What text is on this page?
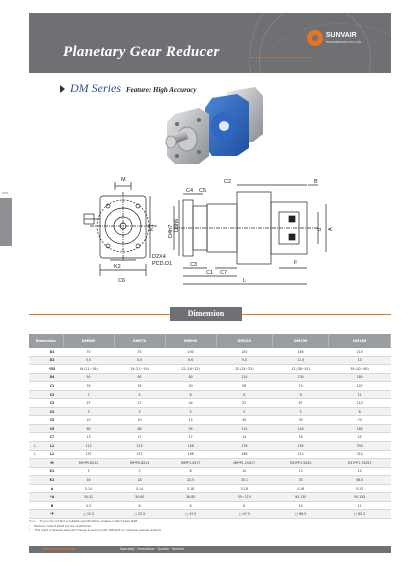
Planetary Gear Reducer
SUNVAIR
TRANSMISSION CO.,LTD
DM Series Feature: High Accuracy
026
M
K1
K2
C6
D2X4
PCD.D1
C2	B
C4 C5
D4h7 D3h6
C3
C1 C7
F
L
d A
Dimension
Dimension		DM060	DM070	DM090	DM120	DM150	DM180
	D1	70	75	100	130	165	215
	D2	5.5	5.5	6.6	9.0	11.5	13
	*D3	16 (11~16)	19 (11~19)	22 (16~22)	32 (24~32)	42 (38~42)	55 (42~60)
	D4	50	60	80	110	130	180
	C1	35	35	50	58	74	107
	C2	7	5	6	9	9	11
	C3	27	27	44	52	67	110
	C4	3	3	5	5	5	6
	C5	10	10	15	40	35	70
	C6	60	68	95	114	140	180
	C7	13	17	17	14	18	25
L	L1	113	115	158	176	195	330
L	L2	137	137	196	198	212	314
	M	M5*P0.8X12	M5*P0.8X12	M6*P1.0X17	M8*P1.25X17	M10*P1.5X20	M12*P1.75X21
	K1	3	3	6	10	13	14
	K2	16	18	22.5	35.1	35	58.5
	d	5.14	5.14	5.18	5.18	5.26	5.33
	*A	30-52	30-60	36-80	55~110	95-130	95-155
	B	4.5	6	6	8	10	11
	*F	□ 22.5	□ 22.5	□ 47.5	□ 47.5	□ 66.5	□ 82.5
Note If you can not find a suitable specifications, please contact sales staff
* Reducer output shaft can be customized
* This mark is Special sizes will change & servo motor different or customer special ordered
www.sunvair.tw	Specialty · Innovation · Quality · Service
